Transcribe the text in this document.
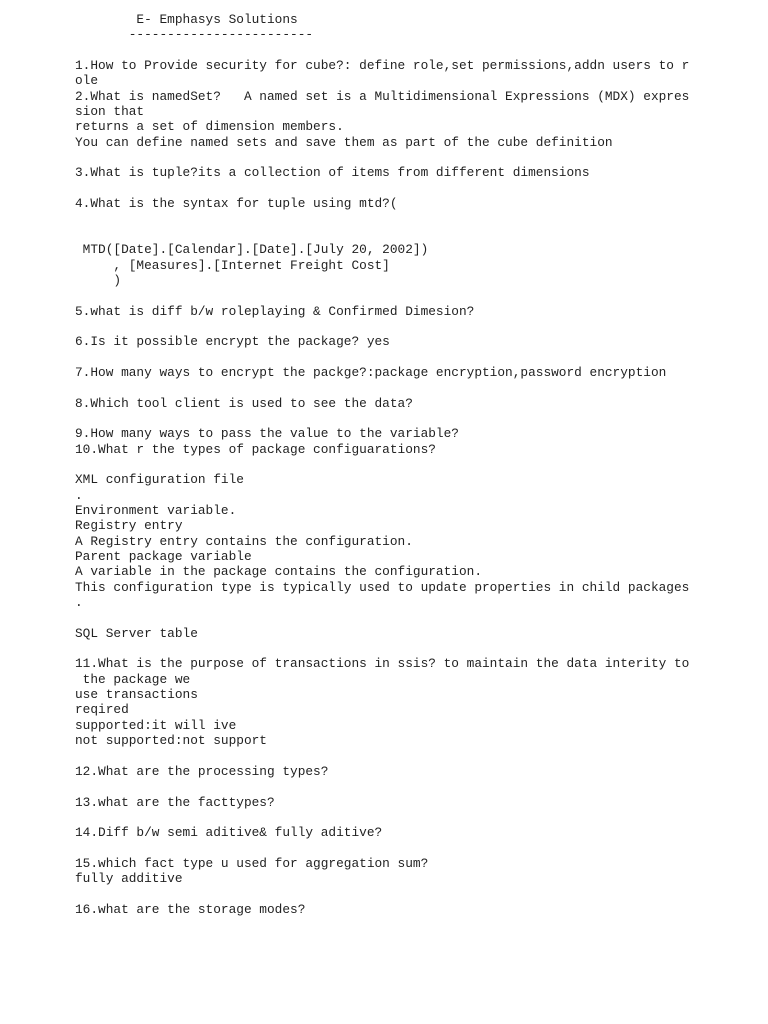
E- Emphasys Solutions
------------------------

1.How to Provide security for cube?: define role,set permissions,addn users to r
ole
2.What is namedSet?   A named set is a Multidimensional Expressions (MDX) expres
sion that
returns a set of dimension members.
You can define named sets and save them as part of the cube definition

3.What is tuple?its a collection of items from different dimensions

4.What is the syntax for tuple using mtd?(

MTD([Date].[Calendar].[Date].[July 20, 2002])
, [Measures].[Internet Freight Cost]
)

5.what is diff b/w roleplaying & Confirmed Dimesion?

6.Is it possible encrypt the package? yes

7.How many ways to encrypt the packge?:package encryption,password encryption

8.Which tool client is used to see the data?

9.How many ways to pass the value to the variable?
10.What r the types of package configuarations?

XML configuration file
.
Environment variable.
Registry entry
A Registry entry contains the configuration.
Parent package variable
A variable in the package contains the configuration.
This configuration type is typically used to update properties in child packages
.

SQL Server table

11.What is the purpose of transactions in ssis? to maintain the data interity to
the package we
use transactions
reqired
supported:it will ive
not supported:not support

12.What are the processing types?

13.what are the facttypes?

14.Diff b/w semi aditive& fully aditive?

15.which fact type u used for aggregation sum?
fully additive

16.what are the storage modes?
